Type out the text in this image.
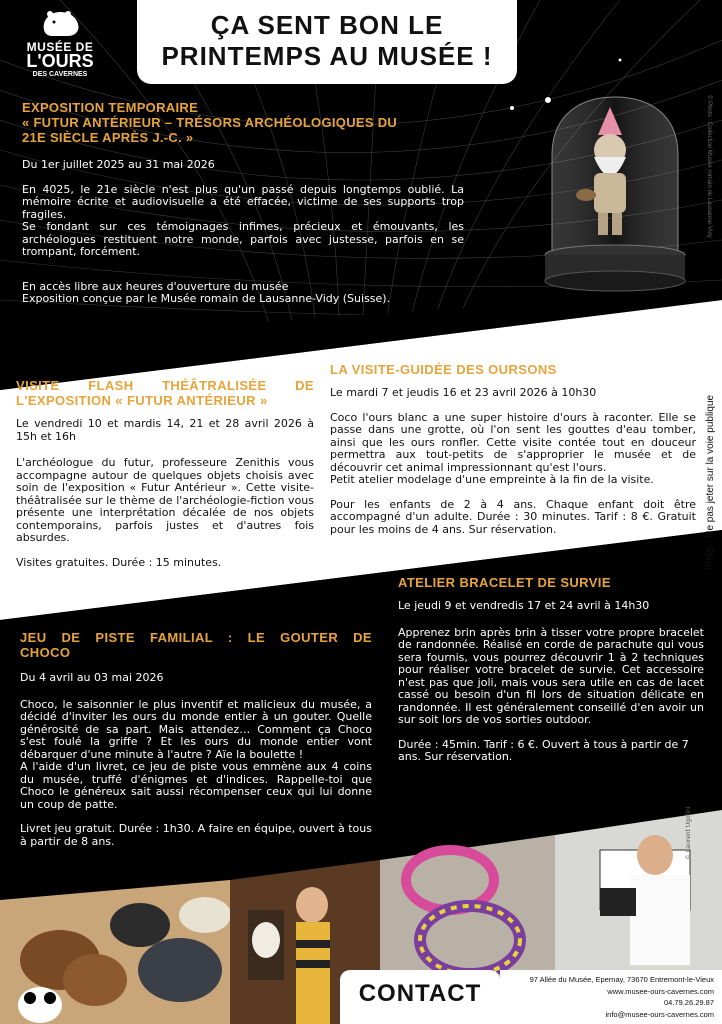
MUSÉE DE
L'OURS
DES CAVERNES
ÇA SENT BON LE
PRINTEMPS AU MUSÉE !
© Photo : Collection Musée romain de Lausanne-Vidy
IPNS - Ne pas jeter sur la voie publique
EXPOSITION TEMPORAIRE
« FUTUR ANTÉRIEUR – TRÉSORS ARCHÉOLOGIQUES DU
21E SIÈCLE APRÈS J.-C. »

Du 1er juillet 2025 au 31 mai 2026

En 4025, le 21e siècle n'est plus qu'un passé depuis longtemps oublié. La mémoire écrite et audiovisuelle a été effacée, victime de ses supports trop fragiles.

Se fondant sur ces témoignages infimes, précieux et émouvants, les archéologues restituent notre monde, parfois avec justesse, parfois en se trompant, forcément.

En accès libre aux heures d'ouverture du musée

Exposition conçue par le Musée romain de Lausanne-Vidy (Suisse).

LA VISITE-GUIDÉE DES OURSONS

Le mardi 7 et jeudis 16 et 23 avril 2026 à 10h30

Coco l'ours blanc a une super histoire d'ours à raconter. Elle se passe dans une grotte, où l'on sent les gouttes d'eau tomber, ainsi que les ours ronfler. Cette visite contée tout en douceur permettra aux tout-petits de s'approprier le musée et de découvrir cet animal impressionnant qu'est l'ours.

Petit atelier modelage d'une empreinte à la fin de la visite.

Pour les enfants de 2 à 4 ans. Chaque enfant doit être accompagné d'un adulte. Durée : 30 minutes. Tarif : 8 €. Gratuit pour les moins de 4 ans. Sur réservation.

VISITE FLASH THÉÂTRALISÉE DE
L'EXPOSITION « FUTUR ANTÉRIEUR »

Le vendredi 10 et mardis 14, 21 et 28 avril 2026 à 15h et 16h

L'archéologue du futur, professeure Zenithis vous accompagne autour de quelques objets choisis avec soin de l'exposition « Futur Antérieur ». Cette visite-théâtralisée sur le thème de l'archéologie-fiction vous présente une interprétation décalée de nos objets contemporains, parfois justes et d'autres fois absurdes.

Visites gratuites. Durée : 15 minutes.

ATELIER BRACELET DE SURVIE

Le jeudi 9 et vendredis 17 et 24 avril à 14h30

Apprenez brin après brin à tisser votre propre bracelet de randonnée. Réalisé en corde de parachute qui vous sera fournis, vous pourrez découvrir 1 à 2 techniques pour réaliser votre bracelet de survie. Cet accessoire n'est pas que joli, mais vous sera utile en cas de lacet cassé ou besoin d'un fil lors de situation délicate en randonnée. Il est généralement conseillé d'en avoir un sur soit lors de vos sorties outdoor.

Durée : 45min. Tarif : 6 €. Ouvert à tous à partir de 7 ans. Sur réservation.

JEU DE PISTE FAMILIAL : LE GOUTER DE
CHOCO

Du 4 avril au 03 mai 2026

Choco, le saisonnier le plus inventif et malicieux du musée, a décidé d'inviter les ours du monde entier à un gouter. Quelle générosité de sa part. Mais attendez… Comment ça Choco s'est foulé la griffe ? Et les ours du monde entier vont débarquer d'une minute à l'autre ? Aïe la boulette !

A l'aide d'un livret, ce jeu de piste vous emmène aux 4 coins du musée, truffé d'énigmes et d'indices. Rappelle-toi que Choco le généreux sait aussi récompenser ceux qui lui donne un coup de patte.

Livret jeu gratuit. Durée : 1h30. A faire en équipe, ouvert à tous à partir de 8 ans.	© Laurent Ugolini
CONTACT
97 Allée du Musée, Epernay, 73670 Entremont-le-Vieux
www.musee-ours-cavernes.com
04.79.26.29.87
info@musee-ours-cavernes.com
